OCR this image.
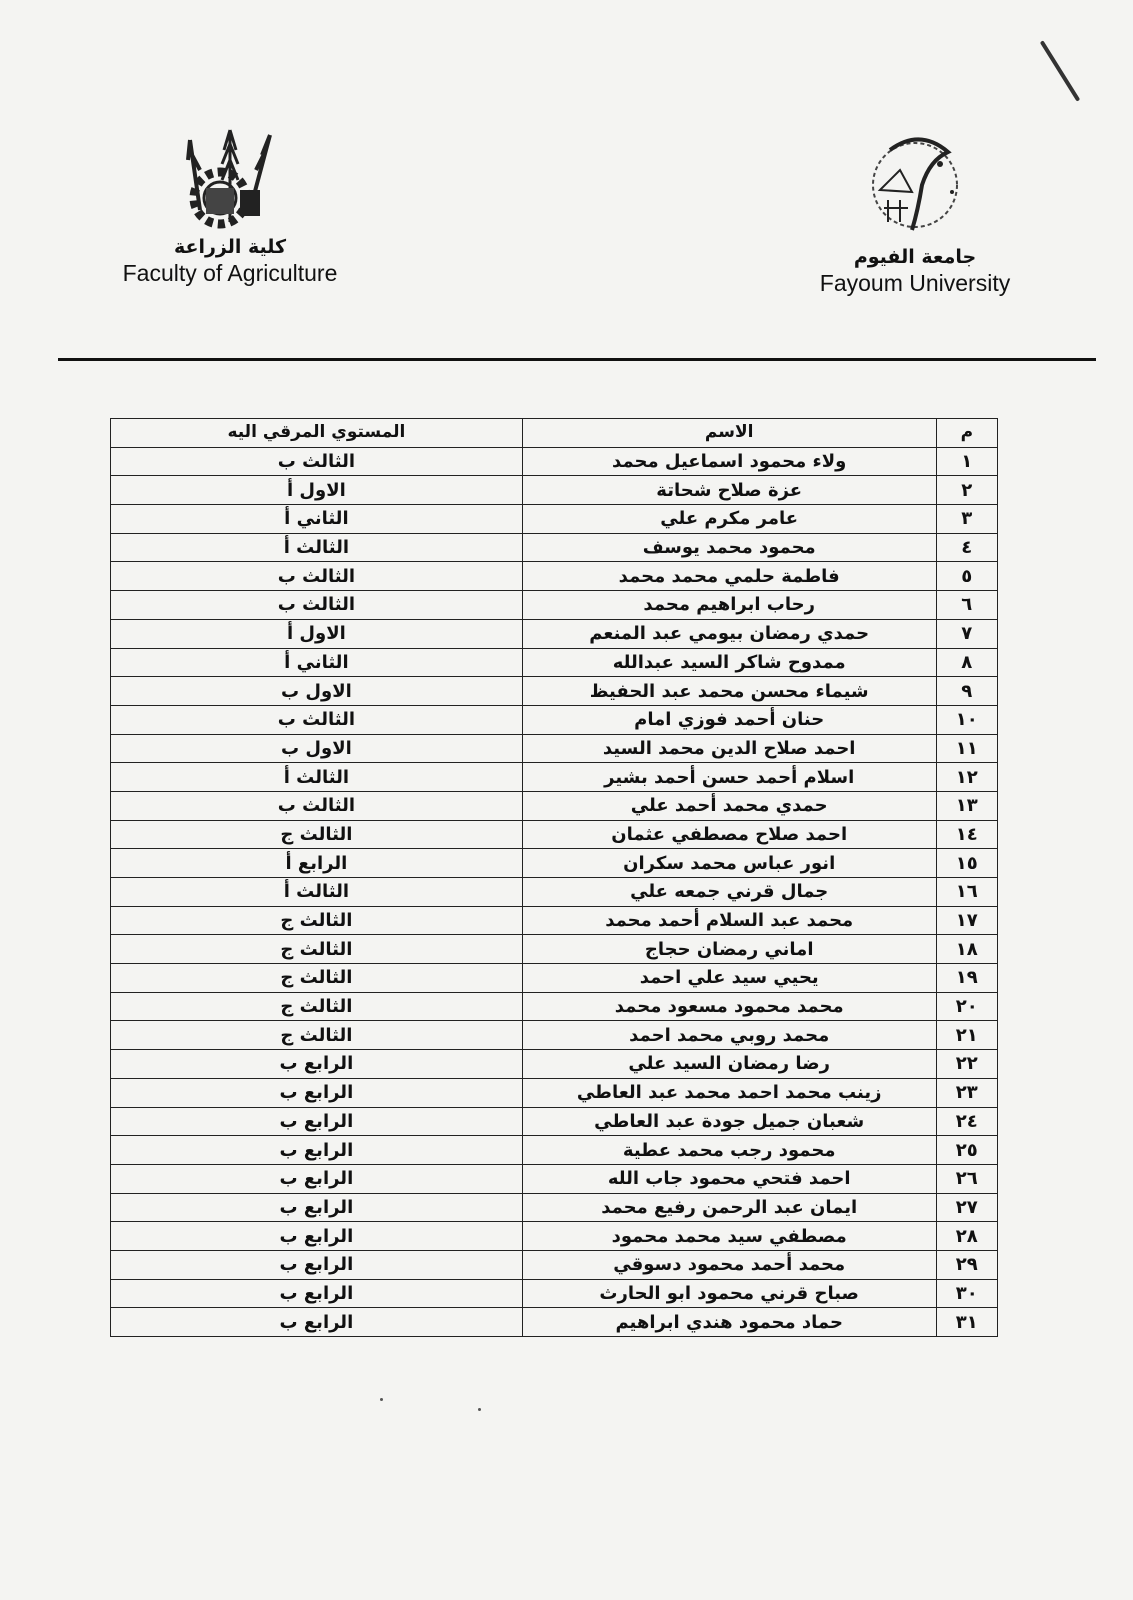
كلية الزراعة
Faculty of Agriculture
جامعة الفيوم
Fayoum University
م	الاسم	المستوي المرقي اليه
١	ولاء محمود اسماعيل محمد	الثالث ب
٢	عزة صلاح شحاتة	الاول أ
٣	عامر مكرم علي	الثاني أ
٤	محمود محمد يوسف	الثالث أ
٥	فاطمة حلمي محمد محمد	الثالث ب
٦	رحاب ابراهيم محمد	الثالث ب
٧	حمدي رمضان بيومي عبد المنعم	الاول أ
٨	ممدوح شاكر السيد عبدالله	الثاني أ
٩	شيماء محسن محمد عبد الحفيظ	الاول ب
١٠	حنان أحمد فوزي امام	الثالث ب
١١	احمد صلاح الدين محمد السيد	الاول ب
١٢	اسلام أحمد حسن أحمد بشير	الثالث أ
١٣	حمدي محمد أحمد علي	الثالث ب
١٤	احمد صلاح مصطفي عثمان	الثالث ج
١٥	انور عباس محمد سكران	الرابع أ
١٦	جمال قرني جمعه علي	الثالث أ
١٧	محمد عبد السلام أحمد محمد	الثالث ج
١٨	اماني رمضان حجاج	الثالث ج
١٩	يحيي سيد علي احمد	الثالث ج
٢٠	محمد محمود مسعود محمد	الثالث ج
٢١	محمد روبي محمد احمد	الثالث ج
٢٢	رضا رمضان السيد علي	الرابع ب
٢٣	زينب محمد احمد محمد عبد العاطي	الرابع ب
٢٤	شعبان جميل جودة عبد العاطي	الرابع ب
٢٥	محمود رجب محمد عطية	الرابع ب
٢٦	احمد فتحي محمود جاب الله	الرابع ب
٢٧	ايمان عبد الرحمن رفيع محمد	الرابع ب
٢٨	مصطفي سيد محمد محمود	الرابع ب
٢٩	محمد أحمد محمود دسوقي	الرابع ب
٣٠	صباح قرني محمود ابو الحارث	الرابع ب
٣١	حماد محمود هندي ابراهيم	الرابع ب
